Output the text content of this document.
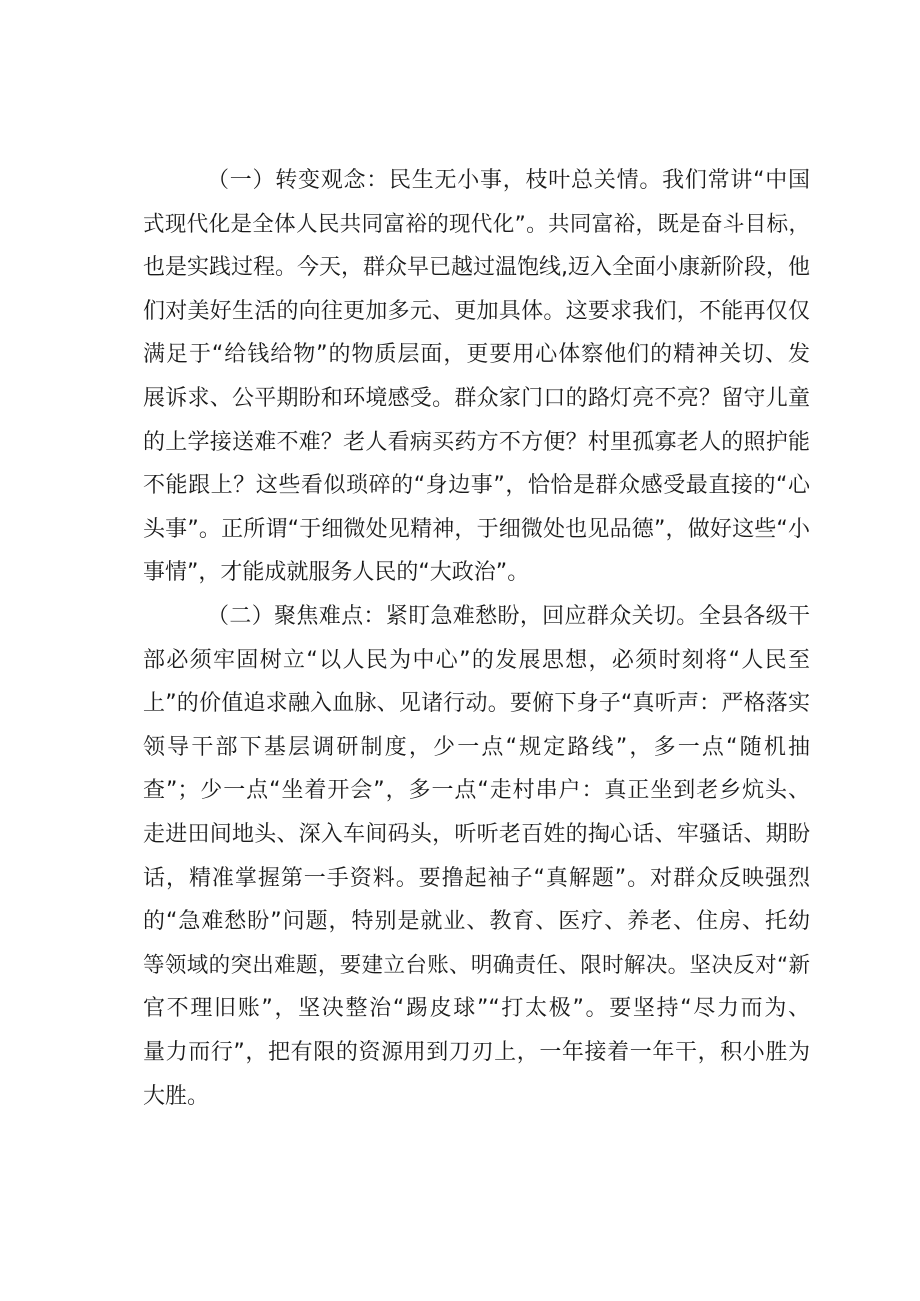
（一）转变观念：民生无小事，枝叶总关情。我们常讲“中国
式现代化是全体人民共同富裕的现代化”。共同富裕，既是奋斗目标，
也是实践过程。今天，群众早已越过温饱线,迈入全面小康新阶段，他
们对美好生活的向往更加多元、更加具体。这要求我们，不能再仅仅
满足于“给钱给物”的物质层面，更要用心体察他们的精神关切、发
展诉求、公平期盼和环境感受。群众家门口的路灯亮不亮？留守儿童
的上学接送难不难？老人看病买药方不方便？村里孤寡老人的照护能
不能跟上？这些看似琐碎的“身边事”，恰恰是群众感受最直接的“心
头事”。正所谓“于细微处见精神，于细微处也见品德”，做好这些“小
事情”，才能成就服务人民的“大政治”。
（二）聚焦难点：紧盯急难愁盼，回应群众关切。全县各级干
部必须牢固树立“以人民为中心”的发展思想，必须时刻将“人民至
上”的价值追求融入血脉、见诸行动。要俯下身子“真听声：严格落实
领导干部下基层调研制度，少一点“规定路线”，多一点“随机抽
查”；少一点“坐着开会”，多一点“走村串户：真正坐到老乡炕头、
走进田间地头、深入车间码头，听听老百姓的掏心话、牢骚话、期盼
话，精准掌握第一手资料。要撸起袖子“真解题”。对群众反映强烈
的“急难愁盼”问题，特别是就业、教育、医疗、养老、住房、托幼
等领域的突出难题，要建立台账、明确责任、限时解决。坚决反对“新
官不理旧账”，坚决整治“踢皮球”“打太极”。要坚持“尽力而为、
量力而行”，把有限的资源用到刀刃上，一年接着一年干，积小胜为
大胜。
